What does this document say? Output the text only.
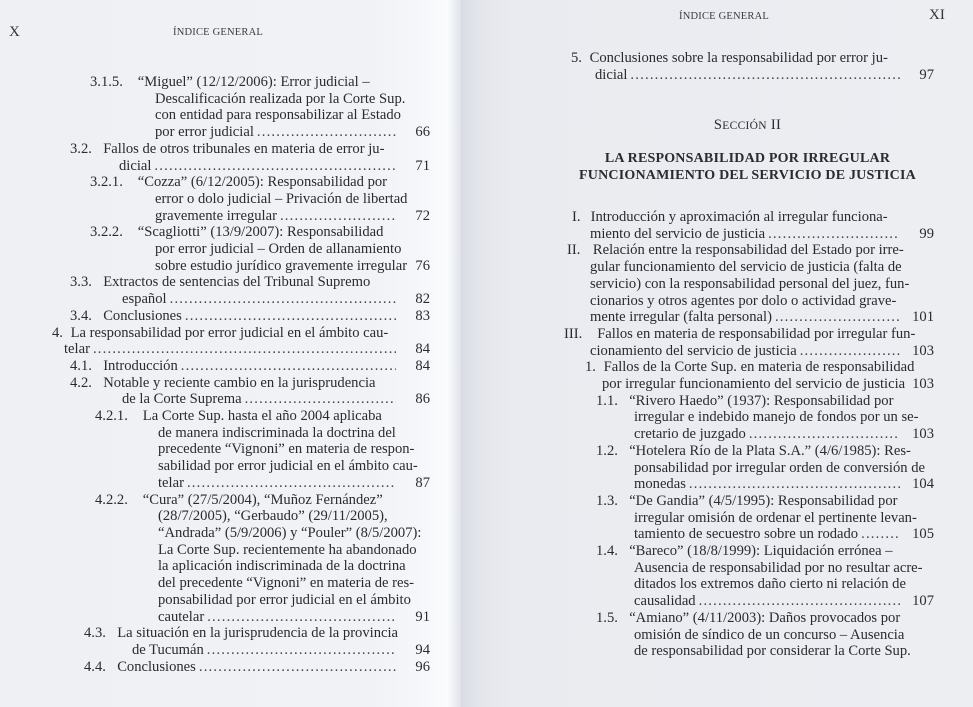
X	ÍNDICE GENERAL
3.1.5.	“Miguel” (12/12/2006): Error judicial –
Descalificación realizada por la Corte Sup.
con entidad para responsabilizar al Estado
por error judicial .....	66
3.2. Fallos de otros tribunales en materia de error ju-
dicial .....	71
3.2.1.	“Cozza” (6/12/2005): Responsabilidad por
error o dolo judicial – Privación de libertad
gravemente irregular .....	72
3.2.2.	“Scagliotti” (13/9/2007): Responsabilidad
por error judicial – Orden de allanamiento
sobre estudio jurídico gravemente irregular 76
3.3. Extractos de sentencias del Tribunal Supremo
español .....	82
3.4. Conclusiones .....	83
4. La responsabilidad por error judicial en el ámbito cau-
telar .....	84
4.1. Introducción .....	84
4.2. Notable y reciente cambio en la jurisprudencia
de la Corte Suprema .....	86
4.2.1.	La Corte Sup. hasta el año 2004 aplicaba
de manera indiscriminada la doctrina del
precedente “Vignoni” en materia de respon-
sabilidad por error judicial en el ámbito cau-
telar .....	87
4.2.2.	“Cura” (27/5/2004), “Muñoz Fernández”
(28/7/2005), “Gerbaudo” (29/11/2005),
“Andrada” (5/9/2006) y “Pouler” (8/5/2007):
La Corte Sup. recientemente ha abandonado
la aplicación indiscriminada de la doctrina
del precedente “Vignoni” en materia de res-
ponsabilidad por error judicial en el ámbito
cautelar .....	91
4.3. La situación en la jurisprudencia de la provincia
de Tucumán .....	94
4.4. Conclusiones .....	96
ÍNDICE GENERAL	XI
5. Conclusiones sobre la responsabilidad por error ju-
dicial .....	97
SECCIÓN II
LA RESPONSABILIDAD POR IRREGULAR
FUNCIONAMIENTO DEL SERVICIO DE JUSTICIA
I. Introducción y aproximación al irregular funciona-
miento del servicio de justicia .....	99
II. Relación entre la responsabilidad del Estado por irre-
gular funcionamiento del servicio de justicia (falta de
servicio) con la responsabilidad personal del juez, fun-
cionarios y otros agentes por dolo o actividad grave-
mente irregular (falta personal) .....	101
III.	Fallos en materia de responsabilidad por irregular fun-
cionamiento del servicio de justicia .....	103
1. Fallos de la Corte Sup. en materia de responsabilidad
por irregular funcionamiento del servicio de justicia 103
1.1. “Rivero Haedo” (1937): Responsabilidad por
irregular e indebido manejo de fondos por un se-
cretario de juzgado .....	103
1.2. “Hotelera Río de la Plata S.A.” (4/6/1985): Res-
ponsabilidad por irregular orden de conversión de
monedas .....	104
1.3. “De Gandia” (4/5/1995): Responsabilidad por
irregular omisión de ordenar el pertinente levan-
tamiento de secuestro sobre un rodado .....	105
1.4. “Bareco” (18/8/1999): Liquidación errónea –
Ausencia de responsabilidad por no resultar acre-
ditados los extremos daño cierto ni relación de
causalidad .....	107
1.5. “Amiano” (4/11/2003): Daños provocados por
omisión de síndico de un concurso – Ausencia
de responsabilidad por considerar la Corte Sup.
